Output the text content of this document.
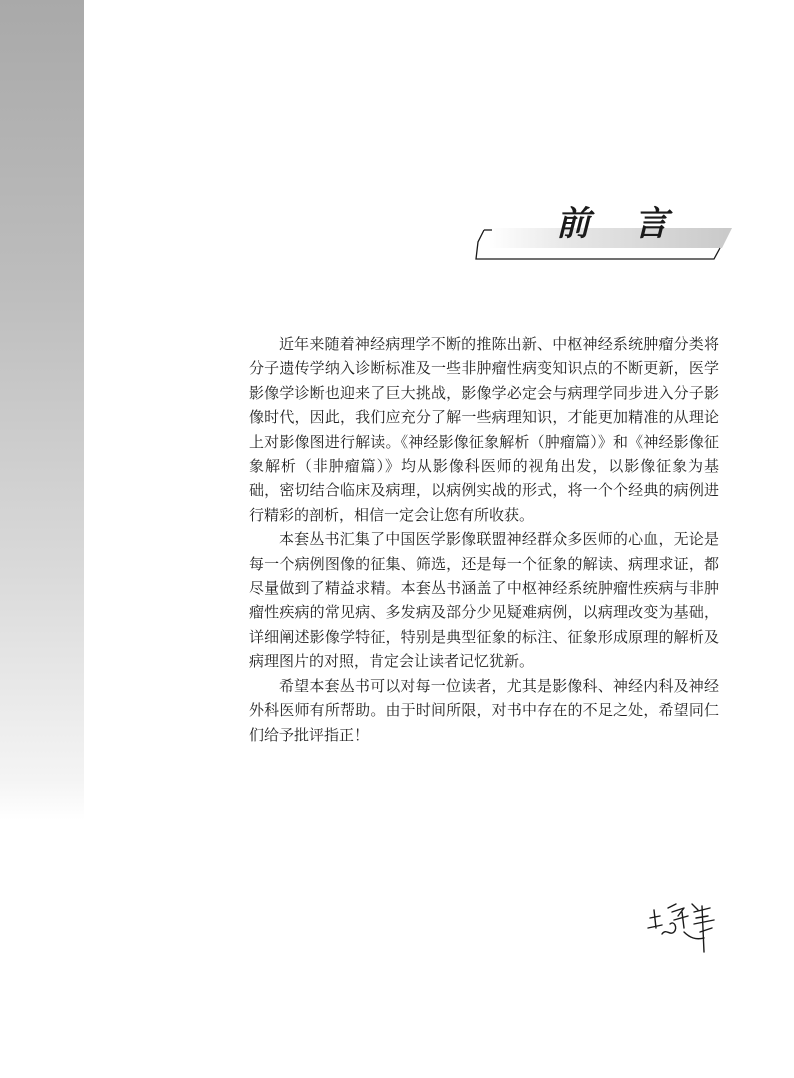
前言

近年来随着神经病理学不断的推陈出新、中枢神经系统肿瘤分类将分子遗传学纳入诊断标准及一些非肿瘤性病变知识点的不断更新，医学影像学诊断也迎来了巨大挑战，影像学必定会与病理学同步进入分子影像时代，因此，我们应充分了解一些病理知识，才能更加精准的从理论上对影像图进行解读。《神经影像征象解析（肿瘤篇）》和《神经影像征象解析（非肿瘤篇）》均从影像科医师的视角出发，以影像征象为基础，密切结合临床及病理，以病例实战的形式，将一个个经典的病例进行精彩的剖析，相信一定会让您有所收获。

本套丛书汇集了中国医学影像联盟神经群众多医师的心血，无论是每一个病例图像的征集、筛选，还是每一个征象的解读、病理求证，都尽量做到了精益求精。本套丛书涵盖了中枢神经系统肿瘤性疾病与非肿瘤性疾病的常见病、多发病及部分少见疑难病例，以病理改变为基础，详细阐述影像学特征，特别是典型征象的标注、征象形成原理的解析及病理图片的对照，肯定会让读者记忆犹新。

希望本套丛书可以对每一位读者，尤其是影像科、神经内科及神经外科医师有所帮助。由于时间所限，对书中存在的不足之处，希望同仁们给予批评指正！
